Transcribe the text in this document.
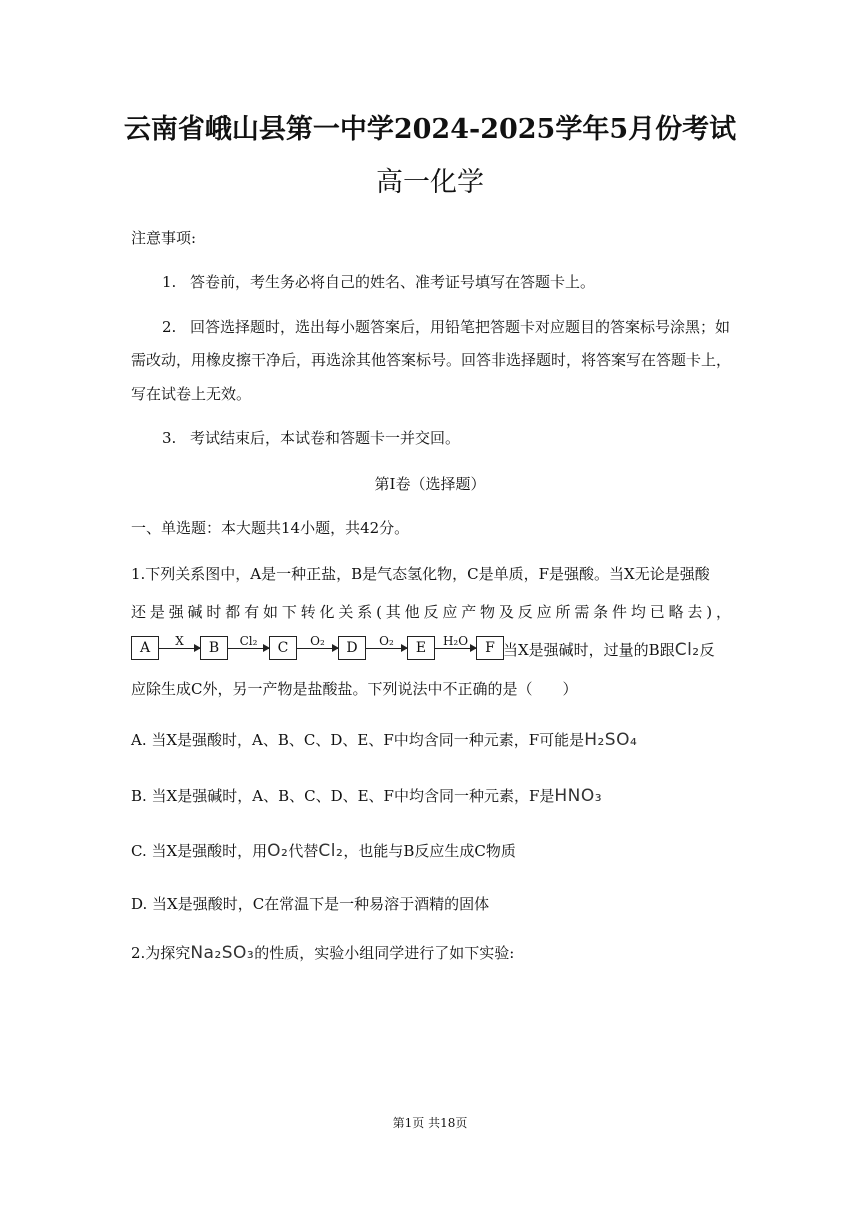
云南省峨山县第一中学2024-2025学年5月份考试
高一化学
注意事项:
1. 答卷前，考生务必将自己的姓名、准考证号填写在答题卡上。
2. 回答选择题时，选出每小题答案后，用铅笔把答题卡对应题目的答案标号涂黑；如
需改动，用橡皮擦干净后，再选涂其他答案标号。回答非选择题时，将答案写在答题卡上，
写在试卷上无效。
3. 考试结束后，本试卷和答题卡一并交回。
第Ⅰ卷（选择题）
一、单选题：本大题共14小题，共42分。
1.下列关系图中，A是一种正盐，B是气态氢化物，C是单质，F是强酸。当X无论是强酸
还是强碱时都有如下转化关系(其他反应产物及反应所需条件均已略去)，
A	X	B	Cl₂	C	O₂	D	O₂	E	H₂O	F 当X是强碱时，过量的B跟Cl₂反
应除生成C外，另一产物是盐酸盐。下列说法中不正确的是（　　）
A. 当X是强酸时，A、B、C、D、E、F中均含同一种元素，F可能是H₂SO₄
B. 当X是强碱时，A、B、C、D、E、F中均含同一种元素，F是HNO₃
C. 当X是强酸时，用O₂代替Cl₂，也能与B反应生成C物质
D. 当X是强酸时，C在常温下是一种易溶于酒精的固体
2.为探究Na₂SO₃的性质，实验小组同学进行了如下实验:
第1页 共18页
